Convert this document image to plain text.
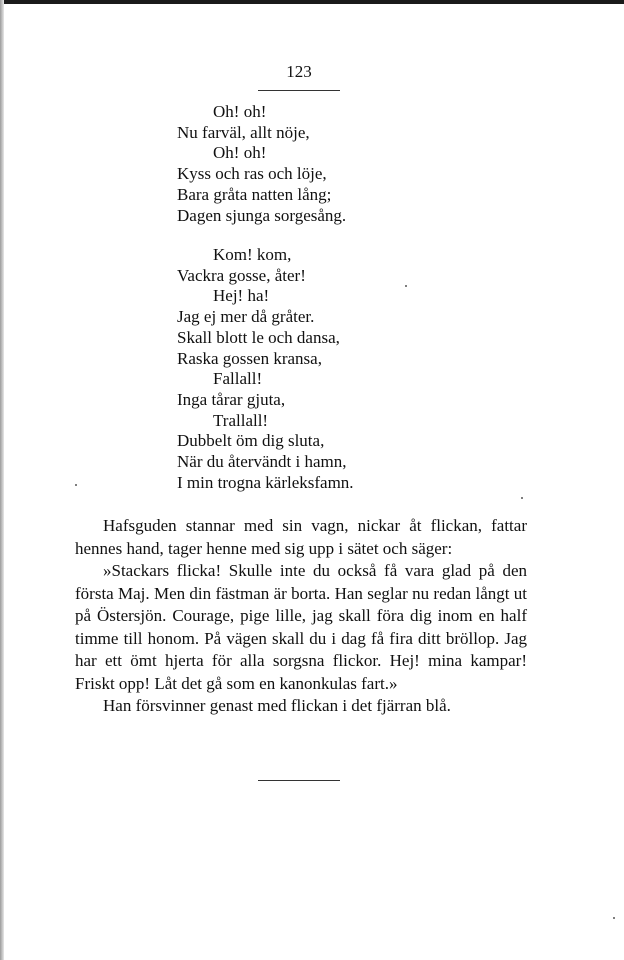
123
Oh! oh!
Nu farväl, allt nöje,
Oh! oh!
Kyss och ras och löje,
Bara gråta natten lång;
Dagen sjunga sorgesång.
Kom! kom,
Vackra gosse, åter!
Hej! ha!
Jag ej mer då gråter.
Skall blott le och dansa,
Raska gossen kransa,
Fallall!
Inga tårar gjuta,
Trallall!
Dubbelt öm dig sluta,
När du återvändt i hamn,
I min trogna kärleksfamn.

Hafsguden stannar med sin vagn, nickar åt flickan, fattar hennes hand, tager henne med sig upp i sätet och säger:

»Stackars flicka! Skulle inte du också få vara glad på den första Maj. Men din fästman är borta. Han seglar nu redan långt ut på Östersjön. Courage, pige lille, jag skall föra dig inom en half timme till honom. På vägen skall du i dag få fira ditt bröllop. Jag har ett ömt hjerta för alla sorgsna flickor. Hej! mina kampar! Friskt opp! Låt det gå som en kanonkulas fart.»

Han försvinner genast med flickan i det fjärran blå.
